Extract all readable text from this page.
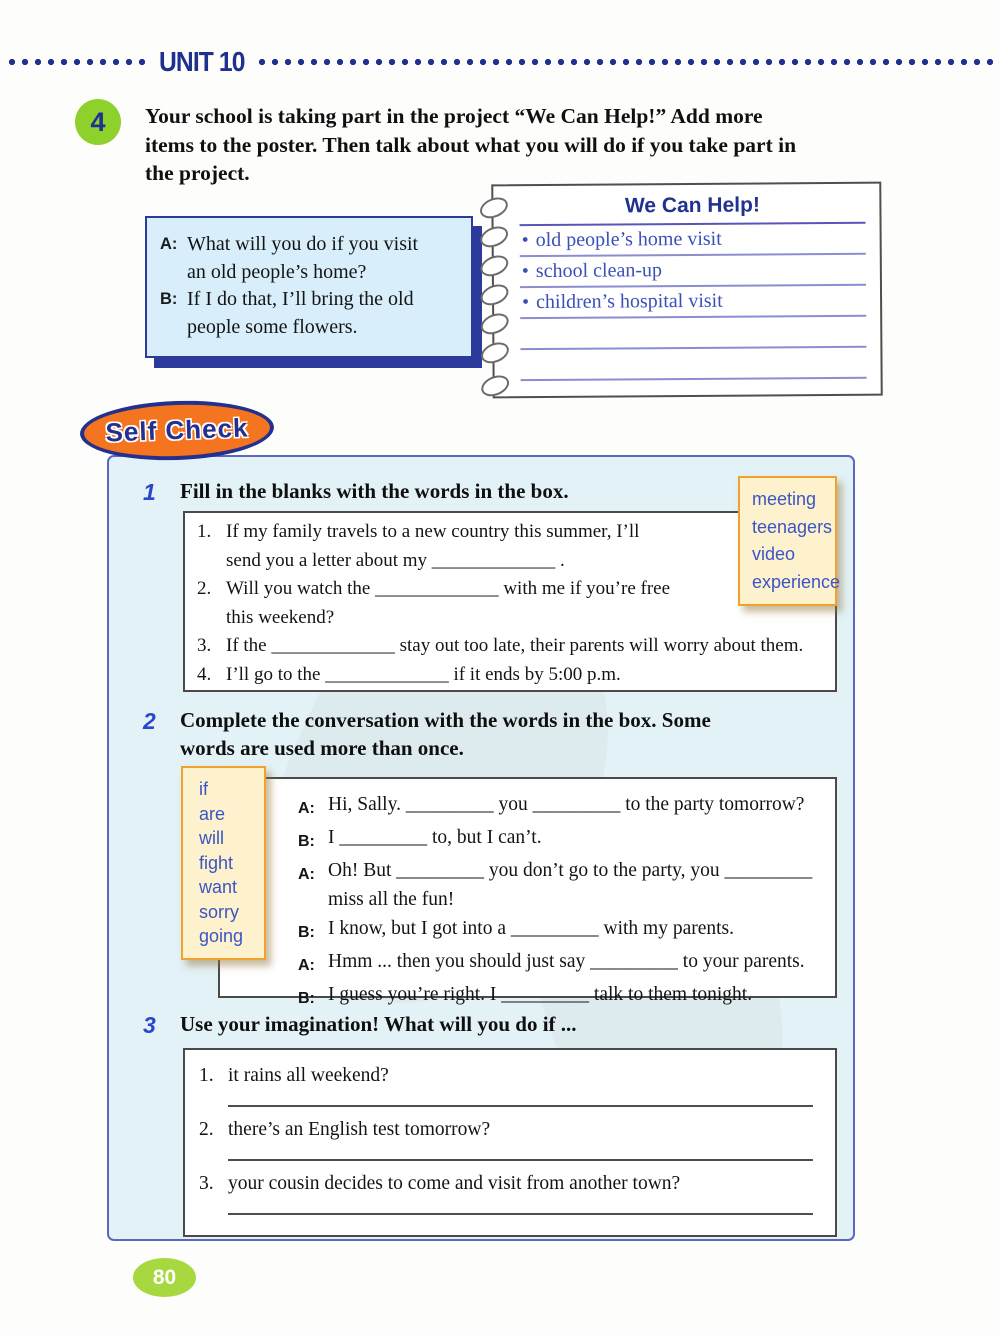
UNIT 10
4	Your school is taking part in the project “We Can Help!” Add more
items to the poster. Then talk about what you will do if you take part in
the project.
A: What will you do if you visit
an old people’s home?
B: If I do that, I’ll bring the old
people some flowers.
We Can Help!
• old people’s home visit
• school clean-up
• children’s hospital visit
Self Check
1 Fill in the blanks with the words in the box.	meeting
teenagers
video
experience
1. If my family travels to a new country this summer, I’ll
send you a letter about my _____________ .
2. Will you watch the _____________ with me if you’re free
this weekend?
3. If the _____________ stay out too late, their parents will worry about them.
4. I’ll go to the _____________ if it ends by 5:00 p.m.
2 Complete the conversation with the words in the box. Some
words are used more than once.
if
are
will
fight
want
sorry
going
A: Hi, Sally. _________ you _________ to the party tomorrow?
B: I _________ to, but I can’t.
A: Oh! But _________ you don’t go to the party, you _________
miss all the fun!
B: I know, but I got into a _________ with my parents.
A: Hmm ... then you should just say _________ to your parents.
B: I guess you’re right. I _________ talk to them tonight.
3 Use your imagination! What will you do if ...
1. it rains all weekend?
2. there’s an English test tomorrow?
3. your cousin decides to come and visit from another town?
80
